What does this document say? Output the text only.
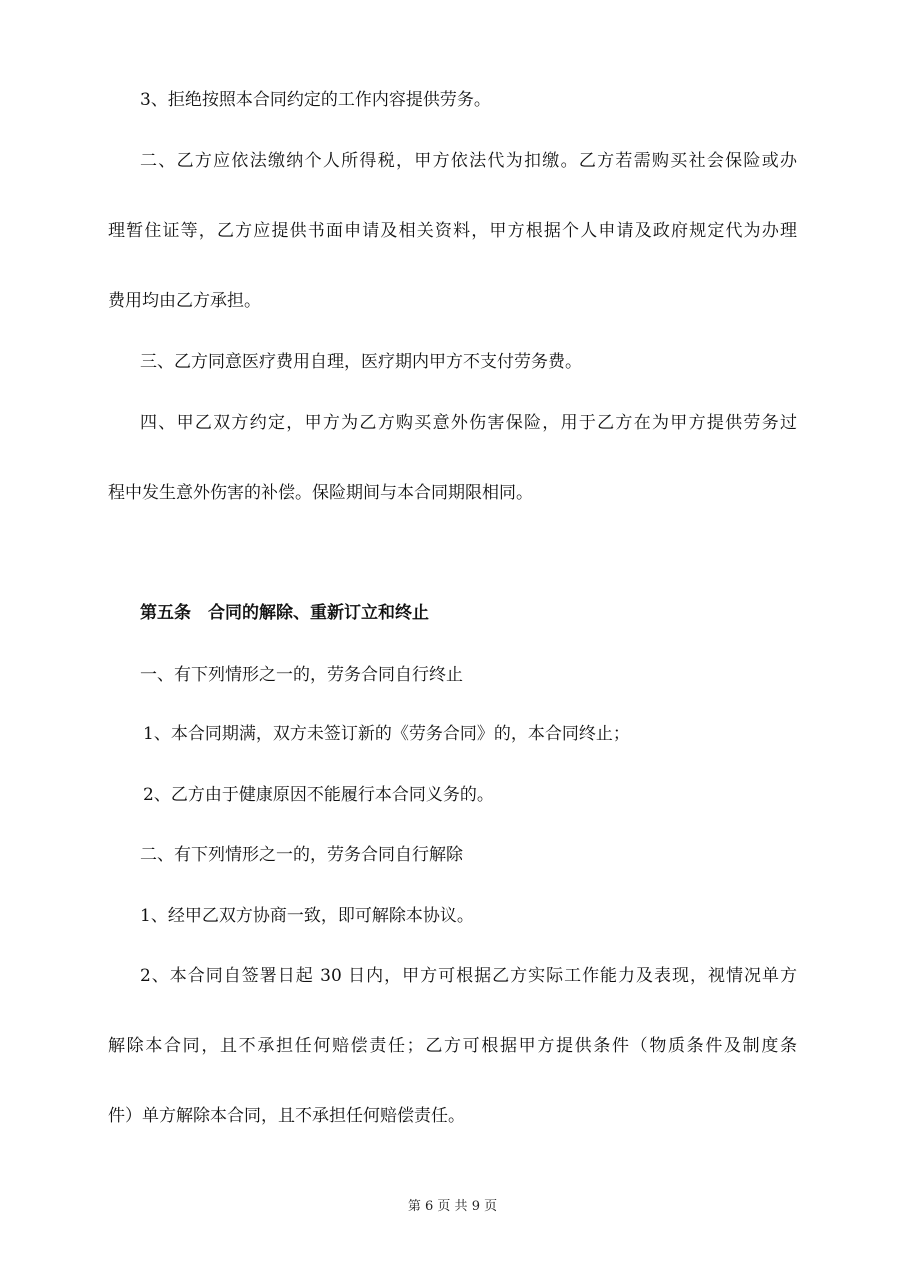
3、拒绝按照本合同约定的工作内容提供劳务。
二、乙方应依法缴纳个人所得税，甲方依法代为扣缴。乙方若需购买社会保险或办
理暂住证等，乙方应提供书面申请及相关资料，甲方根据个人申请及政府规定代为办理
费用均由乙方承担。
三、乙方同意医疗费用自理，医疗期内甲方不支付劳务费。
四、甲乙双方约定，甲方为乙方购买意外伤害保险，用于乙方在为甲方提供劳务过
程中发生意外伤害的补偿。保险期间与本合同期限相同。
第五条　合同的解除、重新订立和终止
一、有下列情形之一的，劳务合同自行终止
1、本合同期满，双方未签订新的《劳务合同》的，本合同终止；
2、乙方由于健康原因不能履行本合同义务的。
二、有下列情形之一的，劳务合同自行解除
1、经甲乙双方协商一致，即可解除本协议。
2、本合同自签署日起 30 日内，甲方可根据乙方实际工作能力及表现，视情况单方
解除本合同，且不承担任何赔偿责任；乙方可根据甲方提供条件（物质条件及制度条
件）单方解除本合同，且不承担任何赔偿责任。
第 6 页 共 9 页
